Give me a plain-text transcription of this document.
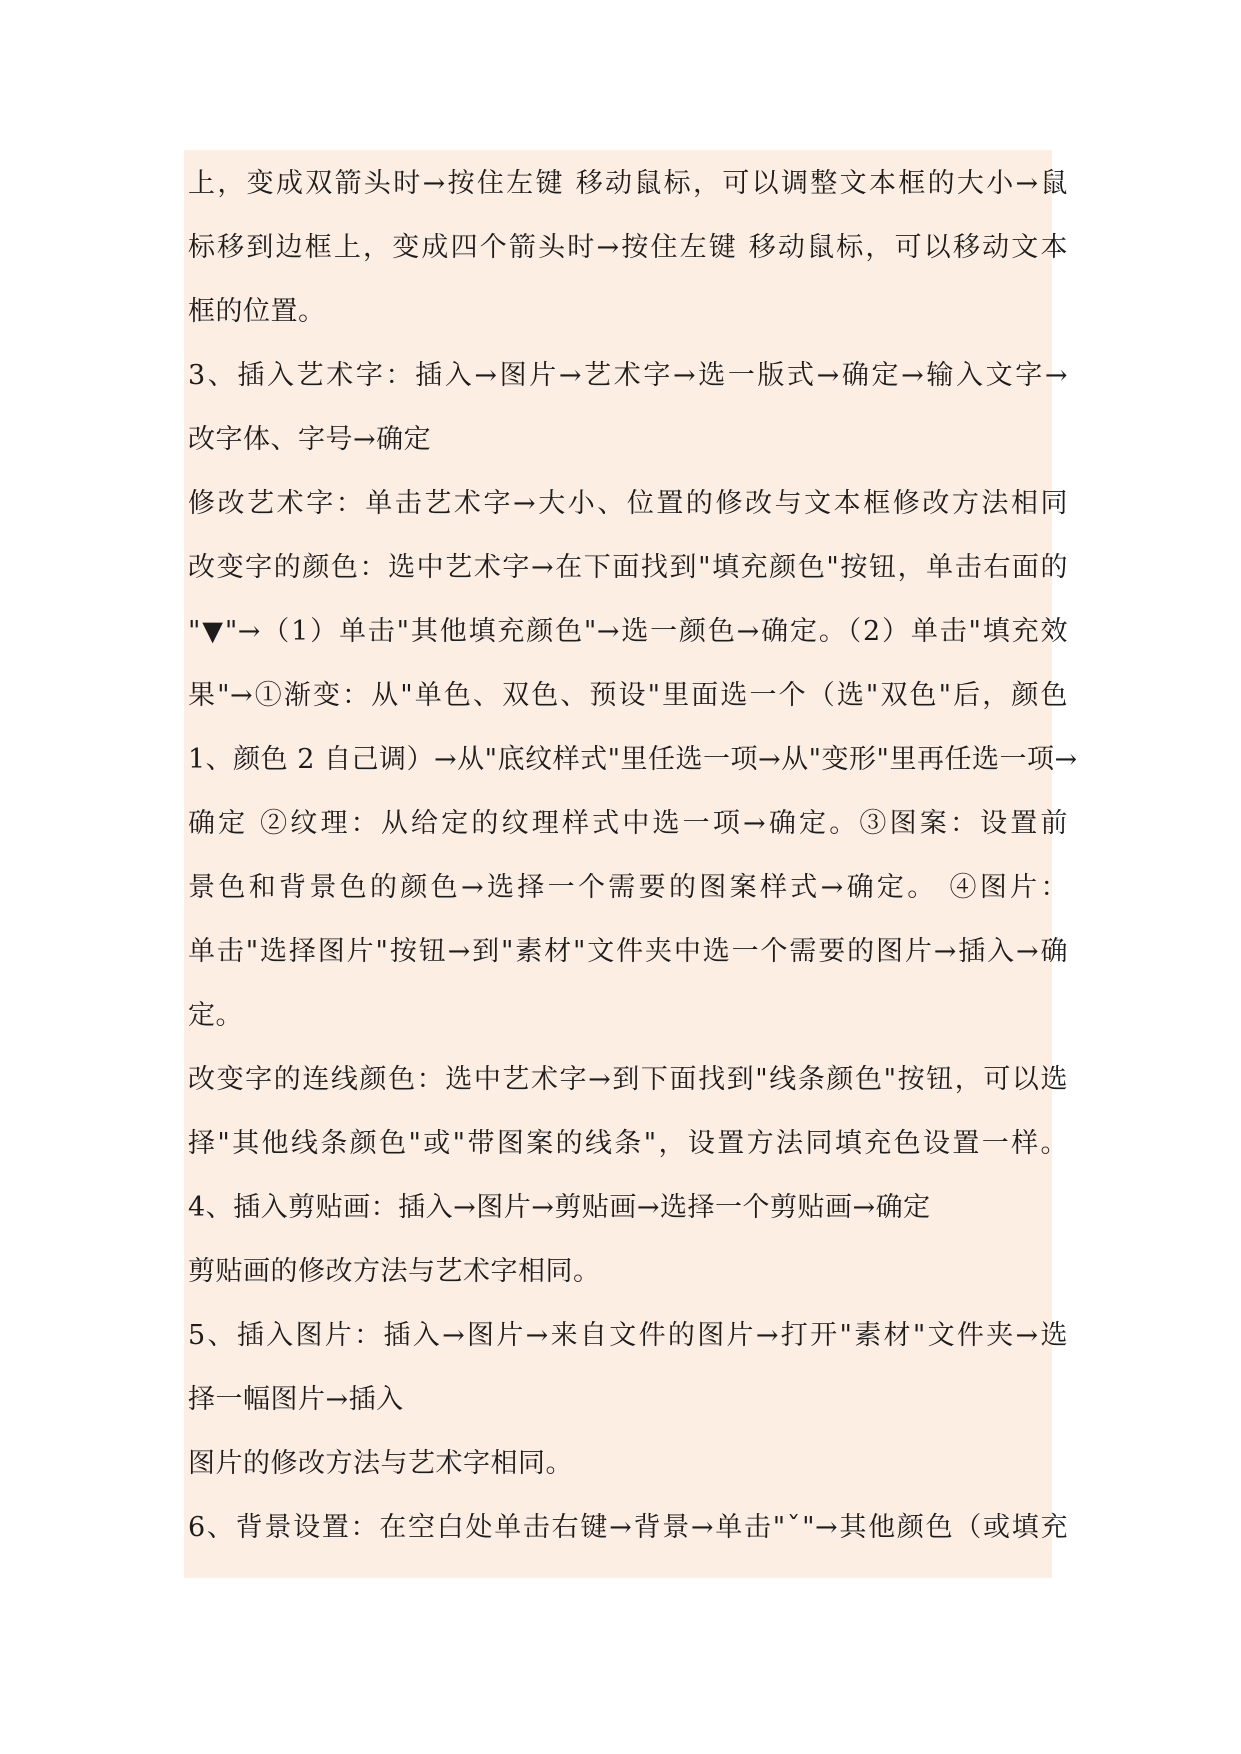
上，变成双箭头时→按住左键 移动鼠标，可以调整文本框的大小→鼠
标移到边框上，变成四个箭头时→按住左键 移动鼠标，可以移动文本
框的位置。
3、插入艺术字：插入→图片→艺术字→选一版式→确定→输入文字→
改字体、字号→确定
修改艺术字：单击艺术字→大小、位置的修改与文本框修改方法相同
改变字的颜色：选中艺术字→在下面找到"填充颜色"按钮，单击右面的
"▼"→（1）单击"其他填充颜色"→选一颜色→确定。（2）单击"填充效
果"→①渐变：从"单色、双色、预设"里面选一个（选"双色"后，颜色
1、颜色 2 自己调）→从"底纹样式"里任选一项→从"变形"里再任选一项→
确定 ②纹理：从给定的纹理样式中选一项→确定。③图案：设置前
景色和背景色的颜色→选择一个需要的图案样式→确定。 ④图片：
单击"选择图片"按钮→到"素材"文件夹中选一个需要的图片→插入→确
定。
改变字的连线颜色：选中艺术字→到下面找到"线条颜色"按钮，可以选
择"其他线条颜色"或"带图案的线条"，设置方法同填充色设置一样。
4、插入剪贴画：插入→图片→剪贴画→选择一个剪贴画→确定
剪贴画的修改方法与艺术字相同。
5、插入图片：插入→图片→来自文件的图片→打开"素材"文件夹→选
择一幅图片→插入
图片的修改方法与艺术字相同。
6、背景设置：在空白处单击右键→背景→单击"ˇ"→其他颜色（或填充
